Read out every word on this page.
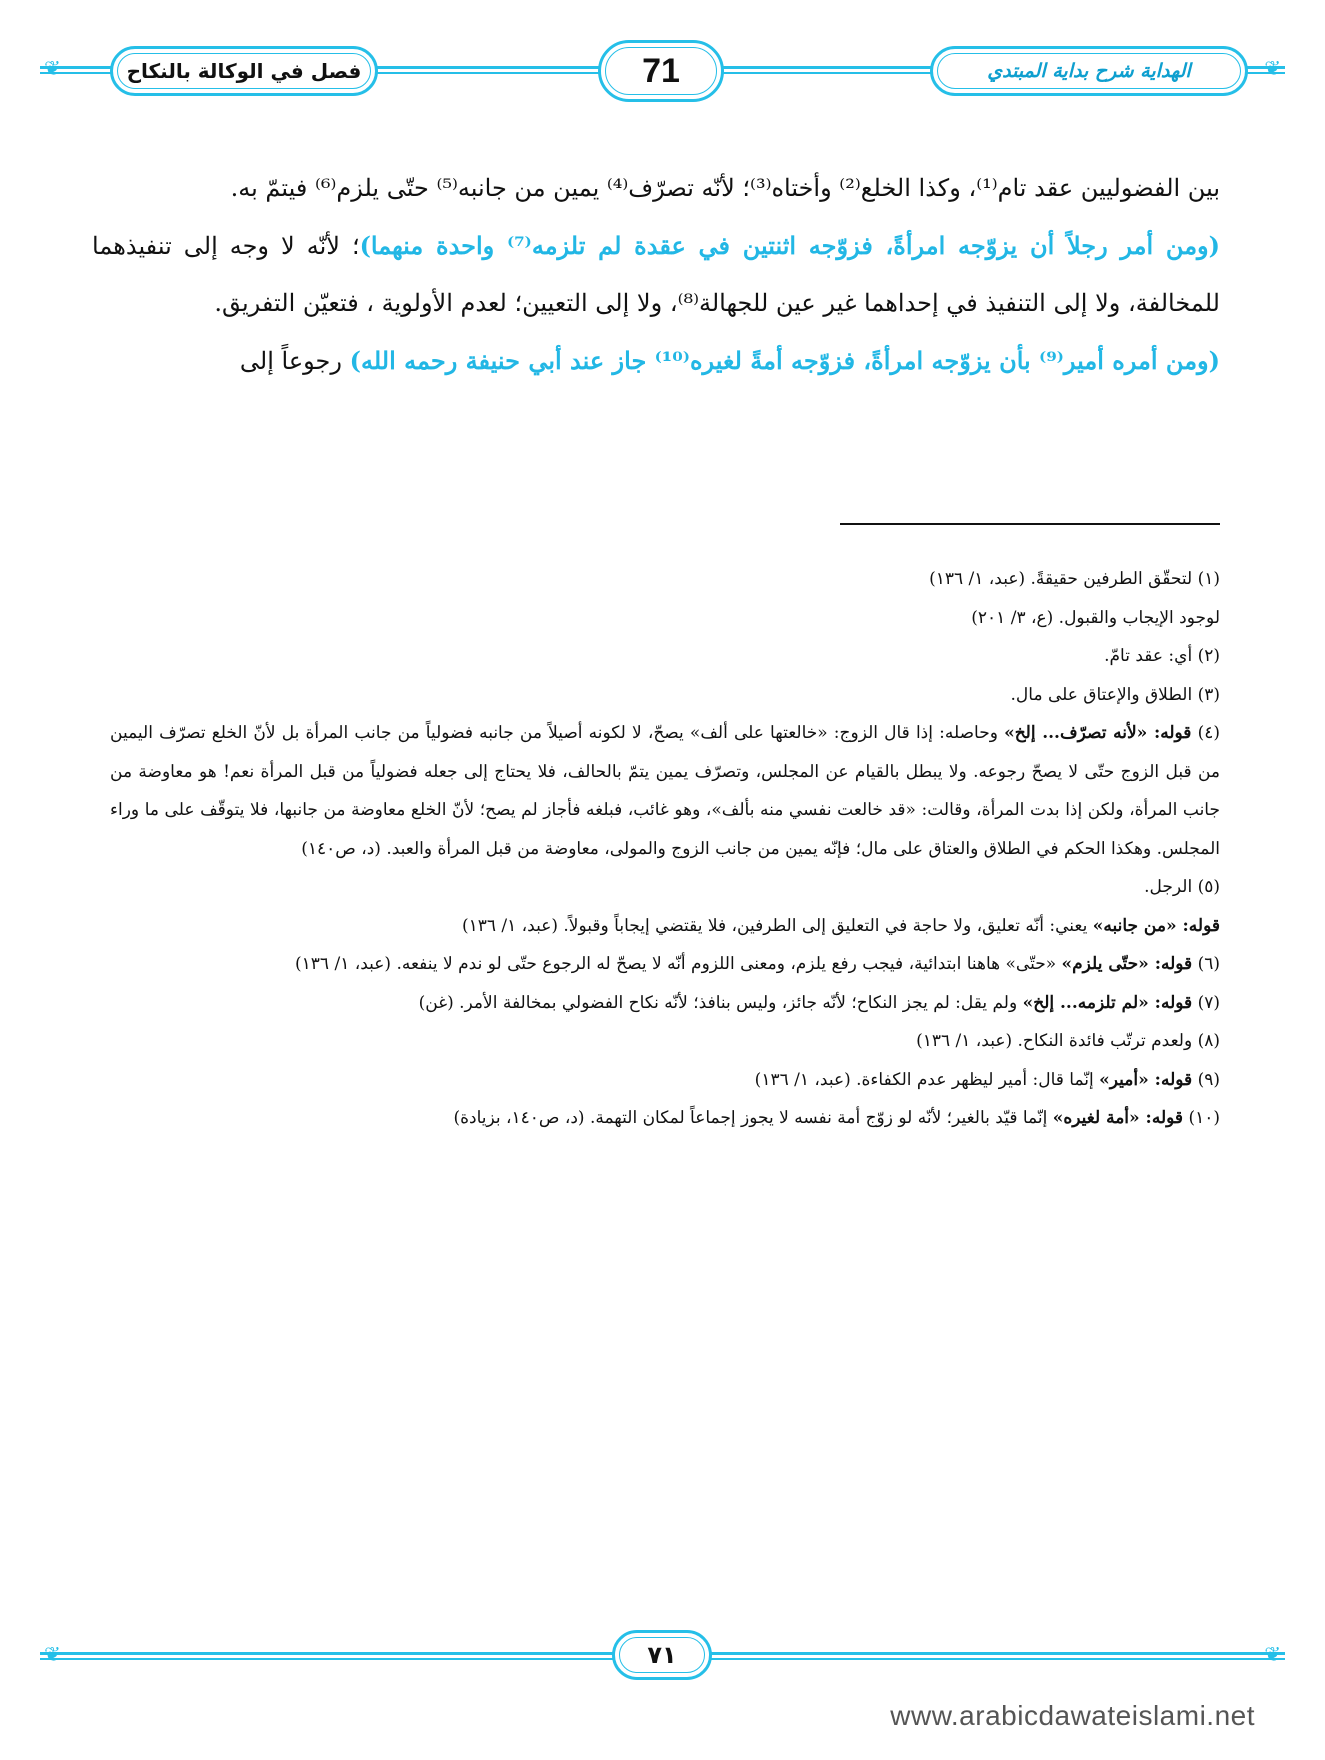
❦	❦
فصل في الوكالة بالنكاح	71	الهداية شرح بداية المبتدي

بين الفضوليين عقد تام⁽¹⁾، وكذا الخلع⁽²⁾ وأختاه⁽³⁾؛ لأنّه تصرّف⁽⁴⁾ يمين من جانبه⁽⁵⁾ حتّى يلزم⁽⁶⁾ فيتمّ به.

(ومن أمر رجلاً أن يزوّجه امرأةً، فزوّجه اثنتين في عقدة لم تلزمه⁽⁷⁾ واحدة منهما)؛ لأنّه لا وجه إلى تنفيذهما للمخالفة، ولا إلى التنفيذ في إحداهما غير عين للجهالة⁽⁸⁾، ولا إلى التعيين؛ لعدم الأولوية ، فتعيّن التفريق.

(ومن أمره أمير⁽⁹⁾ بأن يزوّجه امرأةً، فزوّجه أمةً لغيره⁽¹⁰⁾ جاز عند أبي حنيفة رحمه الله) رجوعاً إلى

(١) لتحقّق الطرفين حقيقةً. (عبد، ١/ ١٣٦)

لوجود الإيجاب والقبول. (ع، ٣/ ٢٠١)

(٢) أي: عقد تامّ.

(٣) الطلاق والإعتاق على مال.

(٤) قوله: «لأنه تصرّف... إلخ» وحاصله: إذا قال الزوج: «خالعتها على ألف» يصحّ، لا لكونه أصيلاً من جانبه فضولياً من جانب المرأة بل لأنّ الخلع تصرّف اليمين من قبل الزوج حتّى لا يصحّ رجوعه. ولا يبطل بالقيام عن المجلس، وتصرّف يمين يتمّ بالحالف، فلا يحتاج إلى جعله فضولياً من قبل المرأة نعم! هو معاوضة من جانب المرأة، ولكن إذا بدت المرأة، وقالت: «قد خالعت نفسي منه بألف»، وهو غائب، فبلغه فأجاز لم يصح؛ لأنّ الخلع معاوضة من جانبها، فلا يتوقّف على ما وراء المجلس. وهكذا الحكم في الطلاق والعتاق على مال؛ فإنّه يمين من جانب الزوج والمولى، معاوضة من قبل المرأة والعبد. (د، ص١٤٠)

(٥) الرجل.

قوله: «من جانبه» يعني: أنّه تعليق، ولا حاجة في التعليق إلى الطرفين، فلا يقتضي إيجاباً وقبولاً. (عبد، ١/ ١٣٦)

(٦) قوله: «حتّى يلزم» «حتّى» هاهنا ابتدائية، فيجب رفع يلزم، ومعنى اللزوم أنّه لا يصحّ له الرجوع حتّى لو ندم لا ينفعه. (عبد، ١/ ١٣٦)

(٧) قوله: «لم تلزمه... إلخ» ولم يقل: لم يجز النكاح؛ لأنّه جائز، وليس بنافذ؛ لأنّه نكاح الفضولي بمخالفة الأمر. (غن)

(٨) ولعدم ترتّب فائدة النكاح. (عبد، ١/ ١٣٦)

(٩) قوله: «أمير» إنّما قال: أمير ليظهر عدم الكفاءة. (عبد، ١/ ١٣٦)

(١٠) قوله: «أمة لغيره» إنّما قيّد بالغير؛ لأنّه لو زوّج أمة نفسه لا يجوز إجماعاً لمكان التهمة. (د، ص١٤٠، بزيادة)

❦	❦
٧١
www.arabicdawateislami.net
